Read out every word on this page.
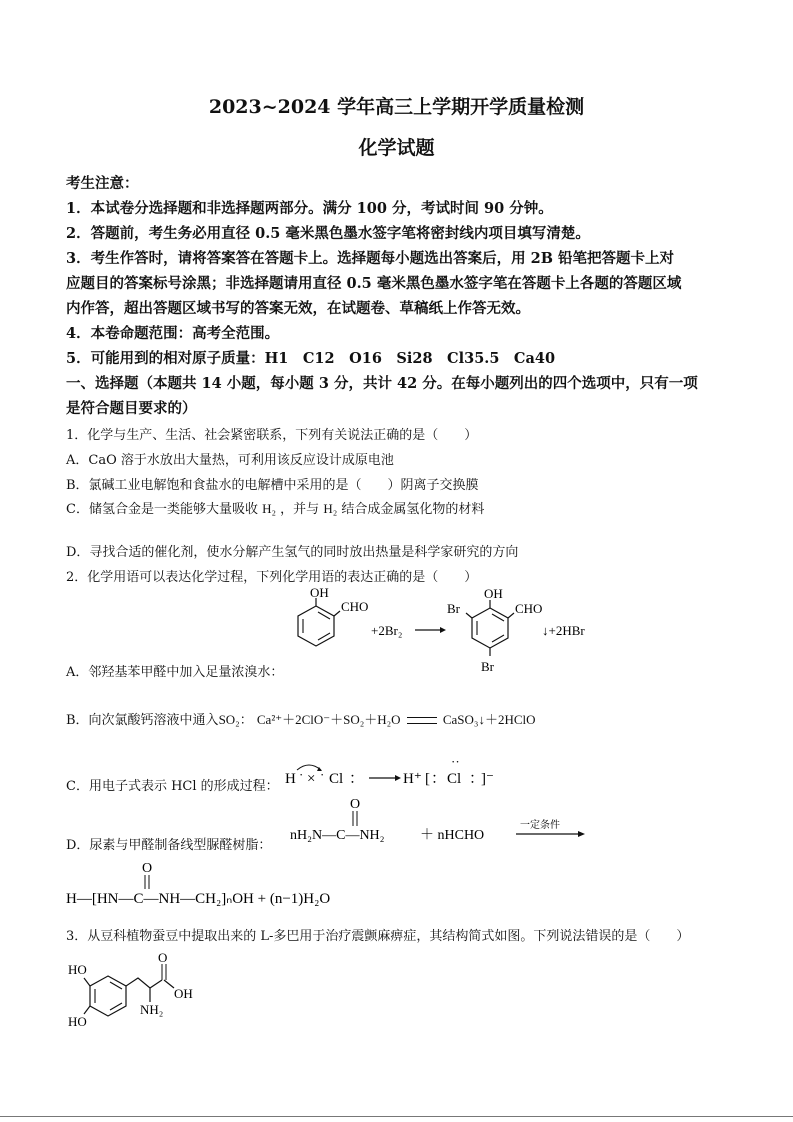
2023~2024 学年高三上学期开学质量检测
化学试题
考生注意：
1．本试卷分选择题和非选择题两部分。满分 100 分，考试时间 90 分钟。
2．答题前，考生务必用直径 0.5 毫米黑色墨水签字笔将密封线内项目填写清楚。
3．考生作答时，请将答案答在答题卡上。选择题每小题选出答案后，用 2B 铅笔把答题卡上对
应题目的答案标号涂黑；非选择题请用直径 0.5 毫米黑色墨水签字笔在答题卡上各题的答题区域
内作答，超出答题区域书写的答案无效，在试题卷、草稿纸上作答无效。
4．本卷命题范围：高考全范围。
5．可能用到的相对原子质量：H1　C12　O16　Si28　Cl35.5　Ca40
一、选择题（本题共 14 小题，每小题 3 分，共计 42 分。在每小题列出的四个选项中，只有一项
是符合题目要求的）
1．化学与生产、生活、社会紧密联系，下列有关说法正确的是（　　）
A．CaO 溶于水放出大量热，可利用该反应设计成原电池
B．氯碱工业电解饱和食盐水的电解槽中采用的是（　　）阴离子交换膜
C．储氢合金是一类能够大量吸收 H₂ ，并与 H₂ 结合成金属氢化物的材料
D．寻找合适的催化剂，使水分解产生氢气的同时放出热量是科学家研究的方向
2．化学用语可以表达化学过程，下列化学用语的表达正确的是（　　）
OH
CHO
+2Br₂
OH
CHO
Br
Br
↓+2HBr
A．邻羟基苯甲醛中加入足量浓溴水：
B．向次氯酸钙溶液中通入SO₂： Ca²⁺＋2ClO⁻＋SO₂＋H₂O	CaSO₃↓＋2HClO
C．用电子式表示 HCl 的形成过程： H · × · Cl ：	H⁺ [ ：
··
Cl ：
]⁻
D．尿素与甲醛制备线型脲醛树脂：
O
nH₂N—C—NH₂	＋ nHCHO
一定条件
O
H—[HN—C—NH—CH₂]ₙOH + (n−1)H₂O
3．从豆科植物蚕豆中提取出来的 L-多巴用于治疗震颤麻痹症，其结构简式如图。下列说法错误的是（　　）
HO
HO
O
OH
NH₂
